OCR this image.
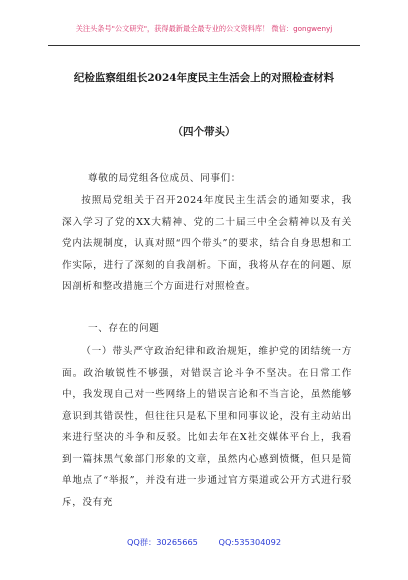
关注头条号"公文研究"，获得最新最全最专业的公文资料库！ 微信：gongwenyj
纪检监察组组长2024年度民主生活会上的对照检查材料
（四个带头）
尊敬的局党组各位成员、同事们：
按照局党组关于召开2024年度民主生活会的通知要求，我深入学习了党的XX大精神、党的二十届三中全会精神以及有关党内法规制度，认真对照“四个带头”的要求，结合自身思想和工作实际，进行了深刻的自我剖析。下面，我将从存在的问题、原因剖析和整改措施三个方面进行对照检查。
一、存在的问题
（一）带头严守政治纪律和政治规矩，维护党的团结统一方面。政治敏锐性不够强，对错误言论斗争不坚决。在日常工作中，我发现自己对一些网络上的错误言论和不当言论，虽然能够意识到其错误性，但往往只是私下里和同事议论，没有主动站出来进行坚决的斗争和反驳。比如去年在X社交媒体平台上，我看到一篇抹黑气象部门形象的文章，虽然内心感到愤慨，但只是简单地点了“举报”，并没有进一步通过官方渠道或公开方式进行驳斥，没有充
QQ群：30265665	QQ:535304092
